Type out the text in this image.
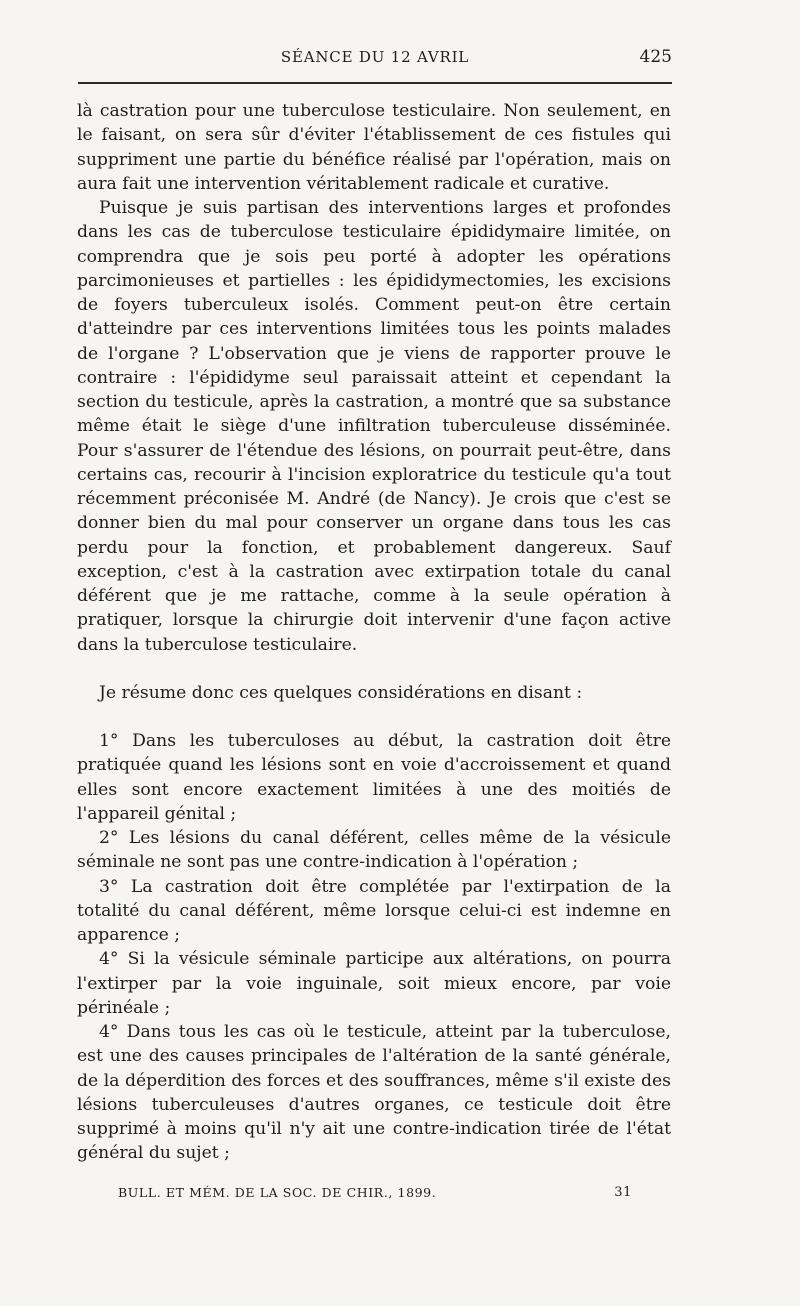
SÉANCE DU 12 AVRIL	425

là castration pour une tuberculose testiculaire. Non seulement, en le faisant, on sera sûr d'éviter l'établissement de ces fistules qui suppriment une partie du bénéfice réalisé par l'opération, mais on aura fait une intervention véritablement radicale et curative.

Puisque je suis partisan des interventions larges et profondes dans les cas de tuberculose testiculaire épididymaire limitée, on comprendra que je sois peu porté à adopter les opérations parcimonieuses et partielles : les épididymectomies, les excisions de foyers tuberculeux isolés. Comment peut-on être certain d'atteindre par ces interventions limitées tous les points malades de l'organe ? L'observation que je viens de rapporter prouve le contraire : l'épididyme seul paraissait atteint et cependant la section du testicule, après la castration, a montré que sa substance même était le siège d'une infiltration tuberculeuse disséminée. Pour s'assurer de l'étendue des lésions, on pourrait peut-être, dans certains cas, recourir à l'incision exploratrice du testicule qu'a tout récemment préconisée M. André (de Nancy). Je crois que c'est se donner bien du mal pour conserver un organe dans tous les cas perdu pour la fonction, et probablement dangereux. Sauf exception, c'est à la castration avec extirpation totale du canal déférent que je me rattache, comme à la seule opération à pratiquer, lorsque la chirurgie doit intervenir d'une façon active dans la tuberculose testiculaire.

Je résume donc ces quelques considérations en disant :

1° Dans les tuberculoses au début, la castration doit être pratiquée quand les lésions sont en voie d'accroissement et quand elles sont encore exactement limitées à une des moitiés de l'appareil génital ;
2° Les lésions du canal déférent, celles même de la vésicule séminale ne sont pas une contre-indication à l'opération ;
3° La castration doit être complétée par l'extirpation de la totalité du canal déférent, même lorsque celui-ci est indemne en apparence ;
4° Si la vésicule séminale participe aux altérations, on pourra l'extirper par la voie inguinale, soit mieux encore, par voie périnéale ;
4° Dans tous les cas où le testicule, atteint par la tuberculose, est une des causes principales de l'altération de la santé générale, de la déperdition des forces et des souffrances, même s'il existe des lésions tuberculeuses d'autres organes, ce testicule doit être supprimé à moins qu'il n'y ait une contre-indication tirée de l'état général du sujet ;
BULL. ET MÉM. DE LA SOC. DE CHIR., 1899.	31
